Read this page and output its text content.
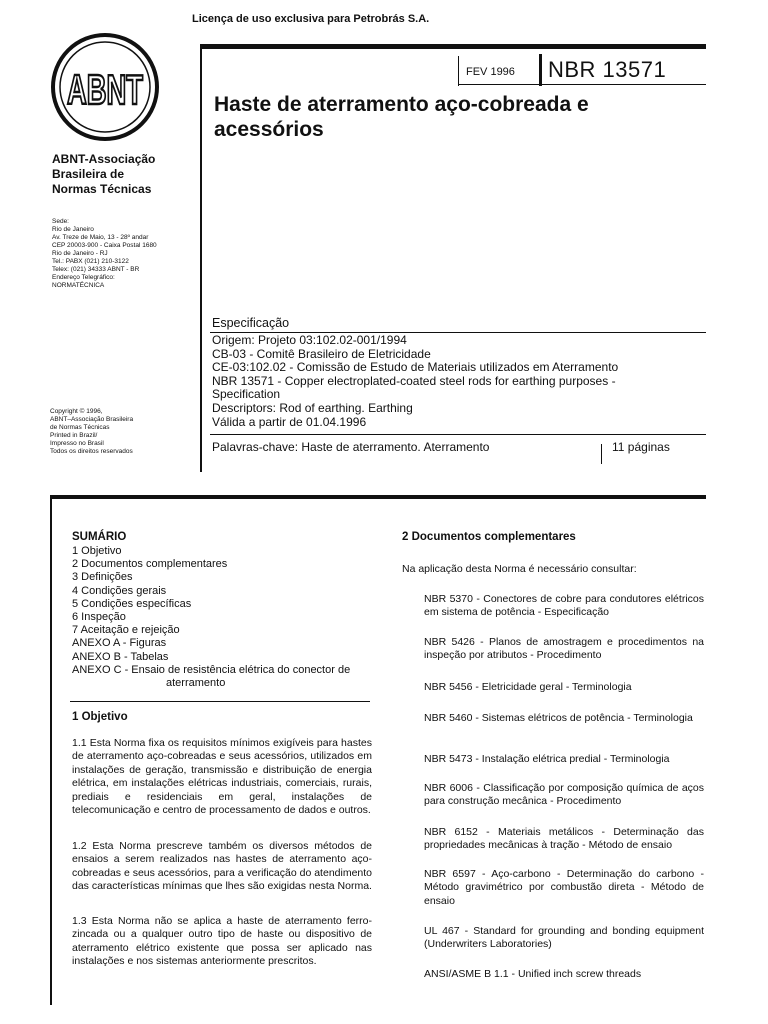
Licença de uso exclusiva para Petrobrás S.A.
ABNT
ABNT-Associação
Brasileira de
Normas Técnicas
Sede:
Rio de Janeiro
Av. Treze de Maio, 13 - 28º andar
CEP 20003-900 - Caixa Postal 1680
Rio de Janeiro - RJ
Tel.: PABX (021) 210-3122
Telex: (021) 34333 ABNT - BR
Endereço Telegráfico:
NORMATÉCNICA
Copyright © 1996,
ABNT–Associação Brasileira
de Normas Técnicas
Printed in Brazil/
Impresso no Brasil
Todos os direitos reservados
FEV 1996 NBR 13571
Haste de aterramento aço-cobreada e
acessórios
Especificação
Origem: Projeto 03:102.02-001/1994
CB-03 - Comitê Brasileiro de Eletricidade
CE-03:102.02 - Comissão de Estudo de Materiais utilizados em Aterramento
NBR 13571 - Copper electroplated-coated steel rods for earthing purposes -
Specification
Descriptors: Rod of earthing. Earthing
Válida a partir de 01.04.1996
Palavras-chave: Haste de aterramento. Aterramento	11 páginas
SUMÁRIO
1 Objetivo
2 Documentos complementares
3 Definições
4 Condições gerais
5 Condições específicas
6 Inspeção
7 Aceitação e rejeição
ANEXO A - Figuras
ANEXO B - Tabelas
ANEXO C - Ensaio de resistência elétrica do conector de
aterramento
1 Objetivo
1.1 Esta Norma fixa os requisitos mínimos exigíveis para hastes de aterramento aço-cobreadas e seus acessórios, utilizados em instalações de geração, transmissão e distribuição de energia elétrica, em instalações elétricas industriais, comerciais, rurais, prediais e residenciais em geral, instalações de telecomunicação e centro de processamento de dados e outros.
1.2 Esta Norma prescreve também os diversos métodos de ensaios a serem realizados nas hastes de aterramento aço-cobreadas e seus acessórios, para a verificação do atendimento das características mínimas que lhes são exigidas nesta Norma.
1.3 Esta Norma não se aplica a haste de aterramento ferro-zincada ou a qualquer outro tipo de haste ou dispositivo de aterramento elétrico existente que possa ser aplicado nas instalações e nos sistemas anteriormente prescritos.
2 Documentos complementares
Na aplicação desta Norma é necessário consultar:
NBR 5370 - Conectores de cobre para condutores elétricos em sistema de potência - Especificação
NBR 5426 - Planos de amostragem e procedimentos na inspeção por atributos - Procedimento
NBR 5456 - Eletricidade geral - Terminologia
NBR 5460 - Sistemas elétricos de potência - Terminologia
NBR 5473 - Instalação elétrica predial - Terminologia
NBR 6006 - Classificação por composição química de aços para construção mecânica - Procedimento
NBR 6152 - Materiais metálicos - Determinação das propriedades mecânicas à tração - Método de ensaio
NBR 6597 - Aço-carbono - Determinação do carbono - Método gravimétrico por combustão direta - Método de ensaio
UL 467 - Standard for grounding and bonding equipment (Underwriters Laboratories)
ANSI/ASME B 1.1 - Unified inch screw threads
